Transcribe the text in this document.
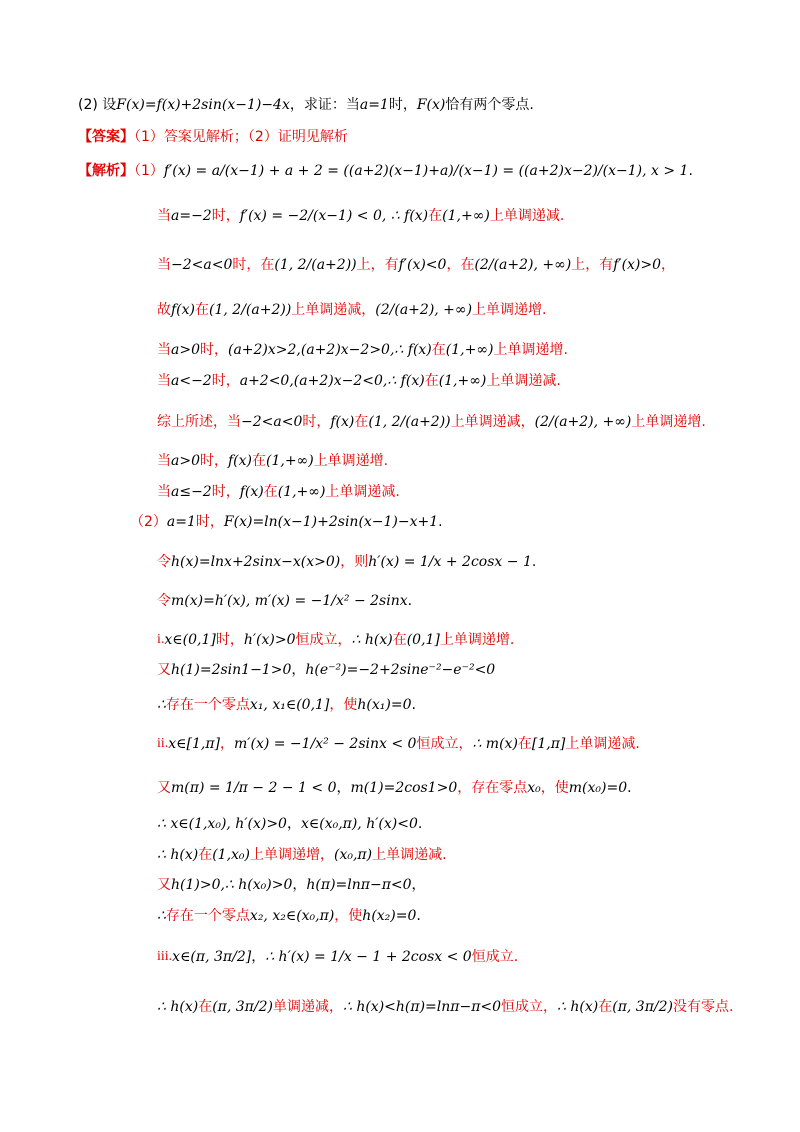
(2) 设F(x)=f(x)+2sin(x−1)−4x，求证：当a=1时，F(x)恰有两个零点.
【答案】（1）答案见解析；（2）证明见解析
【解析】（1）f′(x) = a/(x−1) + a + 2 = ((a+2)(x−1)+a)/(x−1) = ((a+2)x−2)/(x−1), x > 1.
当a=−2时，f′(x) = −2/(x−1) < 0, ∴ f(x)在(1,+∞)上单调递减.
当−2<a<0时，在(1, 2/(a+2))上，有f′(x)<0，在(2/(a+2), +∞)上，有f′(x)>0，
故f(x)在(1, 2/(a+2))上单调递减，(2/(a+2), +∞)上单调递增.
当a>0时，(a+2)x>2,(a+2)x−2>0,∴ f(x)在(1,+∞)上单调递增.
当a<−2时，a+2<0,(a+2)x−2<0,∴ f(x)在(1,+∞)上单调递减.
综上所述，当−2<a<0时，f(x)在(1, 2/(a+2))上单调递减，(2/(a+2), +∞)上单调递增.
当a>0时，f(x)在(1,+∞)上单调递增.
当a≤−2时，f(x)在(1,+∞)上单调递减.
（2）a=1时，F(x)=ln(x−1)+2sin(x−1)−x+1.
令h(x)=lnx+2sinx−x(x>0)，则h′(x) = 1/x + 2cosx − 1.
令m(x)=h′(x), m′(x) = −1/x² − 2sinx.
i.x∈(0,1]时，h′(x)>0恒成立，∴ h(x)在(0,1]上单调递增.
又h(1)=2sin1−1>0，h(e⁻²)=−2+2sine⁻²−e⁻²<0
∴存在一个零点x₁, x₁∈(0,1]，使h(x₁)=0.
ii.x∈[1,π]，m′(x) = −1/x² − 2sinx < 0恒成立，∴ m(x)在[1,π]上单调递减.
又m(π) = 1/π − 2 − 1 < 0，m(1)=2cos1>0，存在零点x₀，使m(x₀)=0.
∴ x∈(1,x₀), h′(x)>0，x∈(x₀,π), h′(x)<0.
∴ h(x)在(1,x₀)上单调递增，(x₀,π)上单调递减.
又h(1)>0,∴ h(x₀)>0，h(π)=lnπ−π<0，
∴存在一个零点x₂, x₂∈(x₀,π)，使h(x₂)=0.
iii.x∈(π, 3π/2]，∴ h′(x) = 1/x − 1 + 2cosx < 0恒成立.
∴ h(x)在(π, 3π/2)单调递减，∴ h(x)<h(π)=lnπ−π<0恒成立，∴ h(x)在(π, 3π/2)没有零点.
